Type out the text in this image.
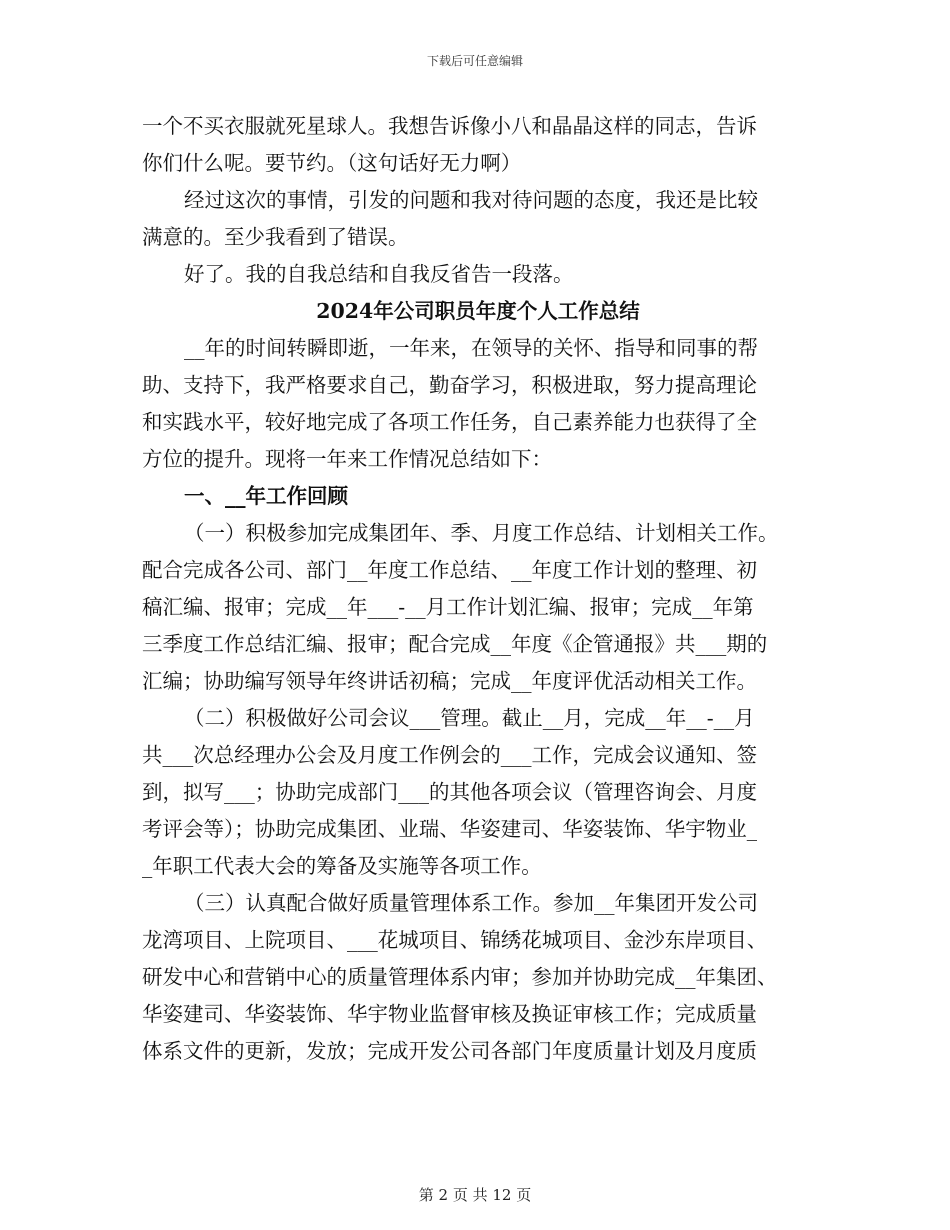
下载后可任意编辑
一个不买衣服就死星球人。我想告诉像小八和晶晶这样的同志，告诉
你们什么呢。要节约。（这句话好无力啊）
经过这次的事情，引发的问题和我对待问题的态度，我还是比较
满意的。至少我看到了错误。
好了。我的自我总结和自我反省告一段落。
2024年公司职员年度个人工作总结
__年的时间转瞬即逝，一年来，在领导的关怀、指导和同事的帮
助、支持下，我严格要求自己，勤奋学习，积极进取，努力提高理论
和实践水平，较好地完成了各项工作任务，自己素养能力也获得了全
方位的提升。现将一年来工作情况总结如下：
一、__年工作回顾
（一）积极参加完成集团年、季、月度工作总结、计划相关工作。
配合完成各公司、部门__年度工作总结、__年度工作计划的整理、初
稿汇编、报审；完成__年___-__月工作计划汇编、报审；完成__年第
三季度工作总结汇编、报审；配合完成__年度《企管通报》共___期的
汇编；协助编写领导年终讲话初稿；完成__年度评优活动相关工作。
（二）积极做好公司会议___管理。截止__月，完成__年__-__月
共___次总经理办公会及月度工作例会的___工作，完成会议通知、签
到，拟写___；协助完成部门___的其他各项会议（管理咨询会、月度
考评会等）；协助完成集团、业瑞、华姿建司、华姿装饰、华宇物业_
_年职工代表大会的筹备及实施等各项工作。
（三）认真配合做好质量管理体系工作。参加__年集团开发公司
龙湾项目、上院项目、___花城项目、锦绣花城项目、金沙东岸项目、
研发中心和营销中心的质量管理体系内审；参加并协助完成__年集团、
华姿建司、华姿装饰、华宇物业监督审核及换证审核工作；完成质量
体系文件的更新，发放；完成开发公司各部门年度质量计划及月度质
第 2 页 共 12 页
